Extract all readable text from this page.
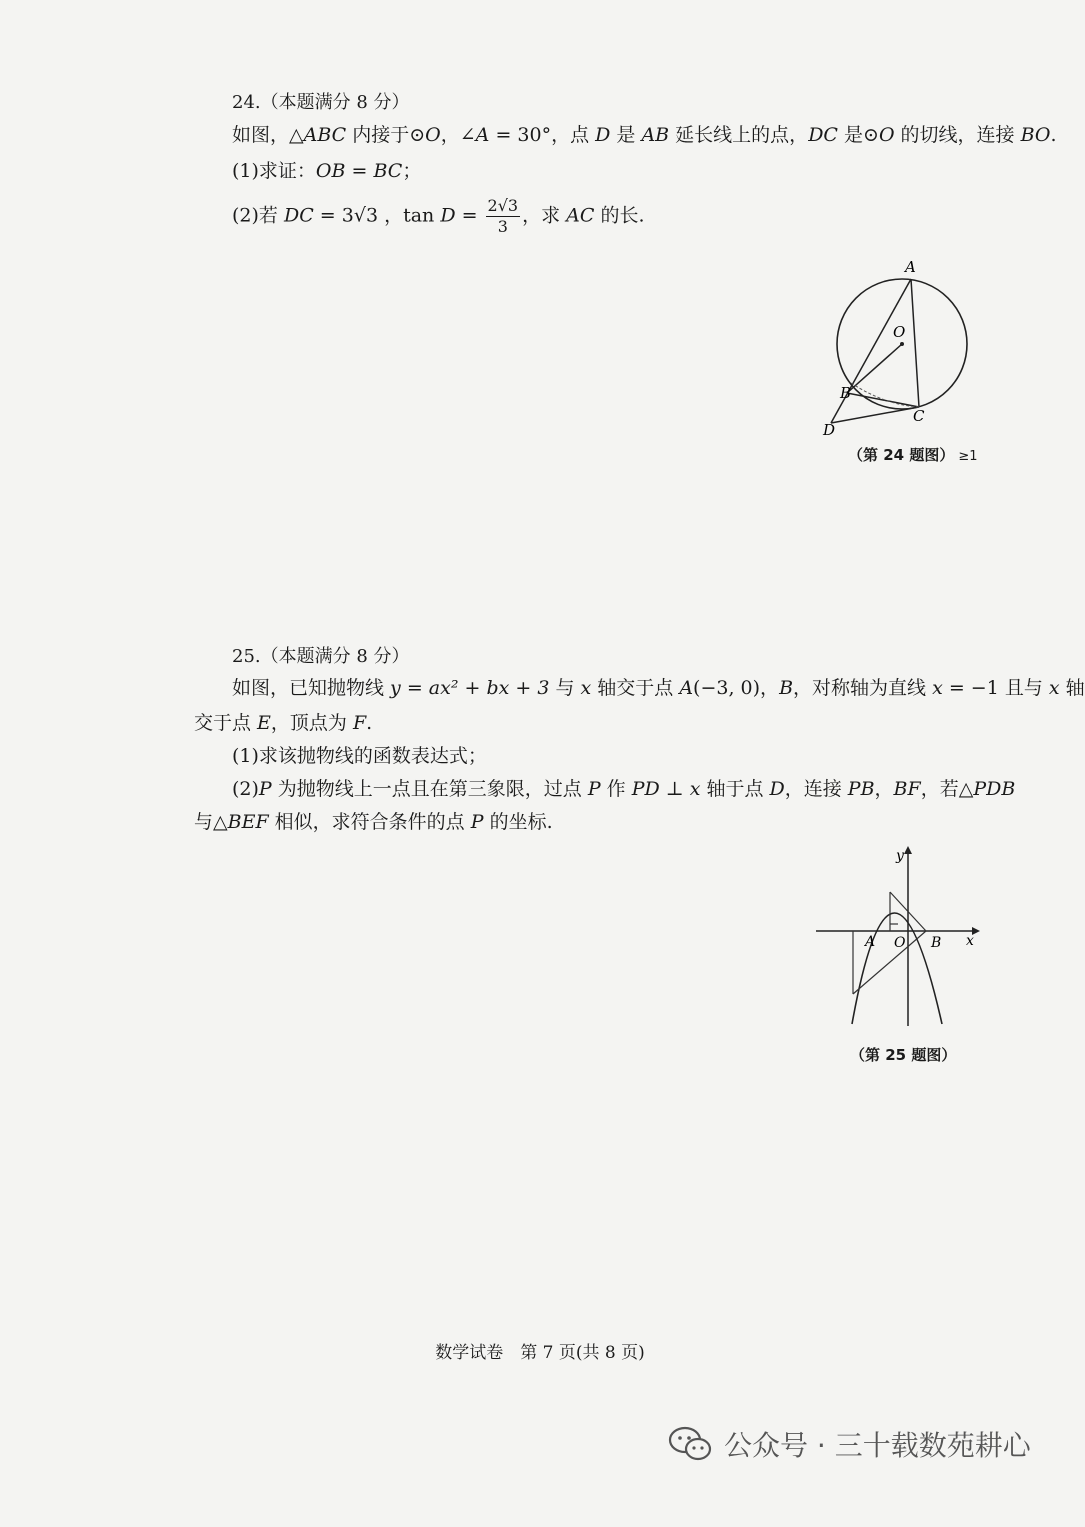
24.（本题满分 8 分）
如图，△ABC 内接于⊙O，∠A = 30°，点 D 是 AB 延长线上的点，DC 是⊙O 的切线，连接 BO.
(1)求证：OB = BC；
(2)若 DC = 3√3 ，$\tan D = \frac{2√3}{3}$ ，求 AC 的长.
A
O
B
C
D
（第 24 题图） ≥1
25.（本题满分 8 分）
如图，已知抛物线 y = ax² + bx + 3 与 x 轴交于点 A(−3, 0)，B，对称轴为直线 x = −1 且与 x 轴
交于点 E，顶点为 F.
(1)求该抛物线的函数表达式；
(2)P 为抛物线上一点且在第三象限，过点 P 作 PD ⊥ x 轴于点 D，连接 PB，BF，若△PDB
与△BEF 相似，求符合条件的点 P 的坐标.
y
x
A O B
（第 25 题图）
数学试卷　第 7 页(共 8 页)
公众号 · 三十载数苑耕心
